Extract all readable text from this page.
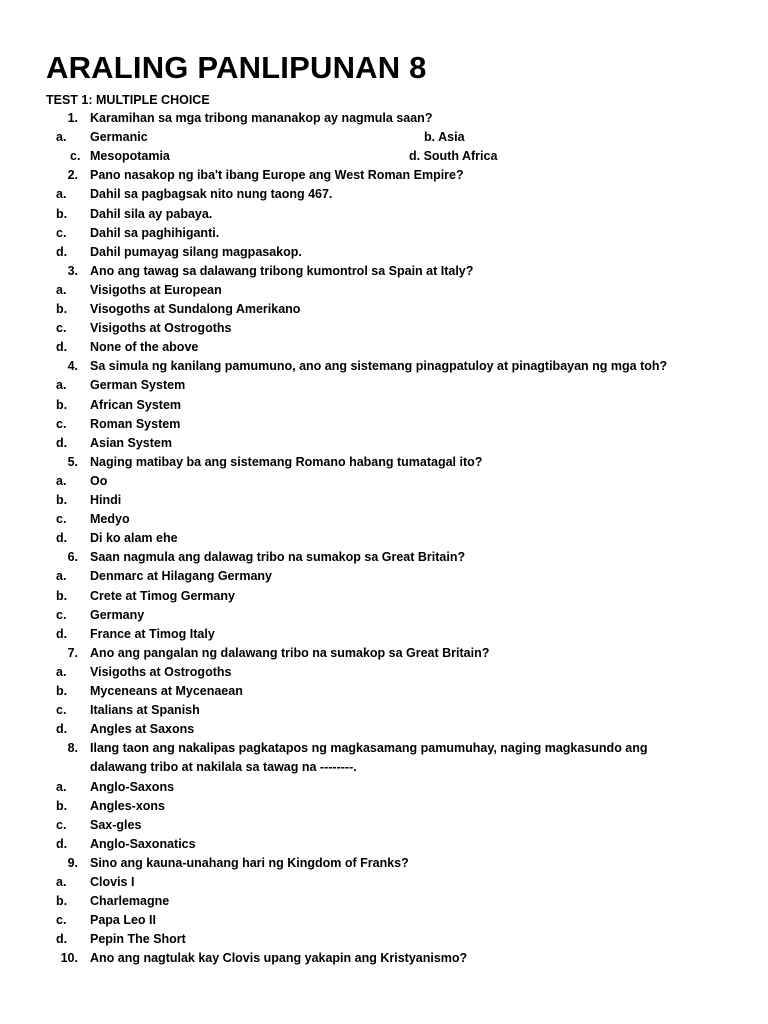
ARALING PANLIPUNAN 8
TEST 1: MULTIPLE CHOICE
1. Karamihan sa mga tribong mananakop ay nagmula saan?
a. Germanic	b. Asia
c. Mesopotamia	d. South Africa
2. Pano nasakop ng iba't ibang Europe ang West Roman Empire?
a. Dahil sa pagbagsak nito nung taong 467.
b. Dahil sila ay pabaya.
c. Dahil sa paghihiganti.
d. Dahil pumayag silang magpasakop.
3. Ano ang tawag sa dalawang tribong kumontrol sa Spain at Italy?
a. Visigoths at European
b. Visogoths at Sundalong Amerikano
c. Visigoths at Ostrogoths
d. None of the above
4. Sa simula ng kanilang pamumuno, ano ang sistemang pinagpatuloy at pinagtibayan ng mga toh?
a. German System
b. African System
c. Roman System
d. Asian System
5. Naging matibay ba ang sistemang Romano habang tumatagal ito?
a. Oo
b. Hindi
c. Medyo
d. Di ko alam ehe
6. Saan nagmula ang dalawag tribo na sumakop sa Great Britain?
a. Denmarc at Hilagang Germany
b. Crete at Timog Germany
c. Germany
d. France at Timog Italy
7. Ano ang pangalan ng dalawang tribo na sumakop sa Great Britain?
a. Visigoths at Ostrogoths
b. Myceneans at Mycenaean
c. Italians at Spanish
d. Angles at Saxons
8. Ilang taon ang nakalipas pagkatapos ng magkasamang pamumuhay, naging magkasundo ang
dalawang tribo at nakilala sa tawag na --------.
a. Anglo-Saxons
b. Angles-xons
c. Sax-gles
d. Anglo-Saxonatics
9. Sino ang kauna-unahang hari ng Kingdom of Franks?
a. Clovis I
b. Charlemagne
c. Papa Leo II
d. Pepin The Short
10. Ano ang nagtulak kay Clovis upang yakapin ang Kristyanismo?
